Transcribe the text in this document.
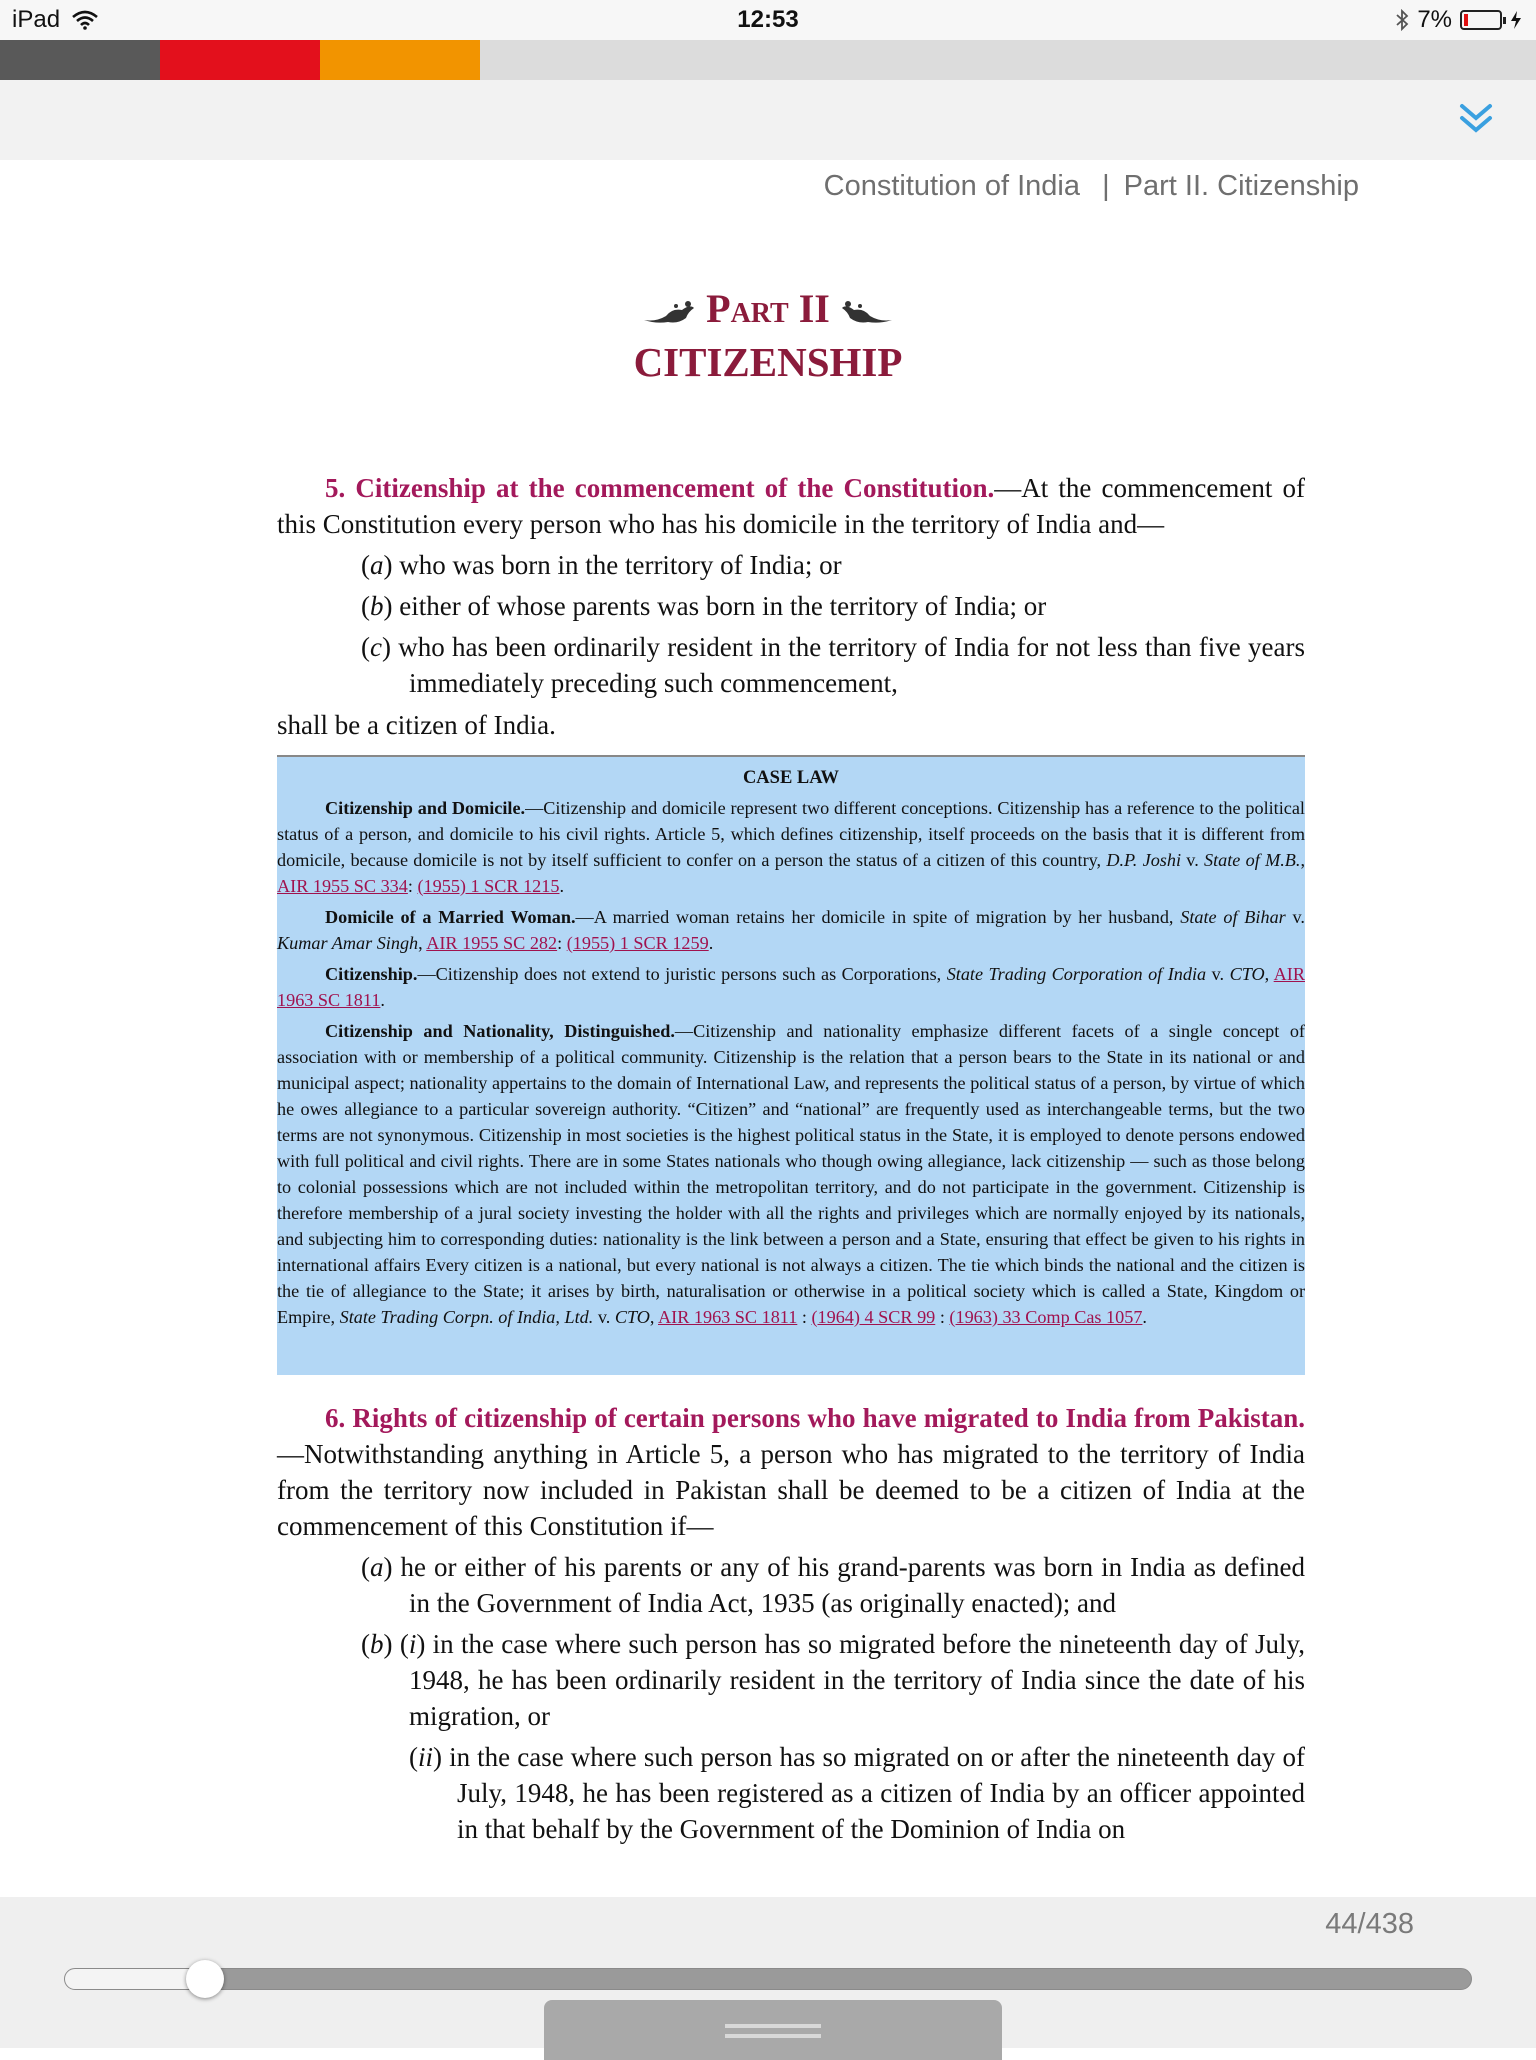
iPad	12:53	7%
Constitution of India | Part II. Citizenship
Part II
CITIZENSHIP

5. Citizenship at the commencement of the Constitution.—At the commencement of this Constitution every person who has his domicile in the territory of India and—

(a) who was born in the territory of India; or

(b) either of whose parents was born in the territory of India; or

(c) who has been ordinarily resident in the territory of India for not less than five years immediately preceding such commencement,

shall be a citizen of India.

CASE LAW

Citizenship and Domicile.—Citizenship and domicile represent two different conceptions. Citizenship has a reference to the political status of a person, and domicile to his civil rights. Article 5, which defines citizenship, itself proceeds on the basis that it is different from domicile, because domicile is not by itself sufficient to confer on a person the status of a citizen of this country, D.P. Joshi v. State of M.B., AIR 1955 SC 334: (1955) 1 SCR 1215.

Domicile of a Married Woman.—A married woman retains her domicile in spite of migration by her husband, State of Bihar v. Kumar Amar Singh, AIR 1955 SC 282: (1955) 1 SCR 1259.

Citizenship.—Citizenship does not extend to juristic persons such as Corporations, State Trading Corporation of India v. CTO, AIR 1963 SC 1811.

Citizenship and Nationality, Distinguished.—Citizenship and nationality emphasize different facets of a single concept of association with or membership of a political community. Citizenship is the relation that a person bears to the State in its national or and municipal aspect; nationality appertains to the domain of International Law, and represents the political status of a person, by virtue of which he owes allegiance to a particular sovereign authority. “Citizen” and “national” are frequently used as interchangeable terms, but the two terms are not synonymous. Citizenship in most societies is the highest political status in the State, it is employed to denote persons endowed with full political and civil rights. There are in some States nationals who though owing allegiance, lack citizenship — such as those belong to colonial possessions which are not included within the metropolitan territory, and do not participate in the government. Citizenship is therefore membership of a jural society investing the holder with all the rights and privileges which are normally enjoyed by its nationals, and subjecting him to corresponding duties: nationality is the link between a person and a State, ensuring that effect be given to his rights in international affairs Every citizen is a national, but every national is not always a citizen. The tie which binds the national and the citizen is the tie of allegiance to the State; it arises by birth, naturalisation or otherwise in a political society which is called a State, Kingdom or Empire, State Trading Corpn. of India, Ltd. v. CTO, AIR 1963 SC 1811 : (1964) 4 SCR 99 : (1963) 33 Comp Cas 1057.

6. Rights of citizenship of certain persons who have migrated to India from Pakistan.—Notwithstanding anything in Article 5, a person who has migrated to the territory of India from the territory now included in Pakistan shall be deemed to be a citizen of India at the commencement of this Constitution if—

(a) he or either of his parents or any of his grand-parents was born in India as defined in the Government of India Act, 1935 (as originally enacted); and

(b) (i) in the case where such person has so migrated before the nineteenth day of July, 1948, he has been ordinarily resident in the territory of India since the date of his migration, or

(ii) in the case where such person has so migrated on or after the nineteenth day of July, 1948, he has been registered as a citizen of India by an officer appointed in that behalf by the Government of the Dominion of India on

44/438
